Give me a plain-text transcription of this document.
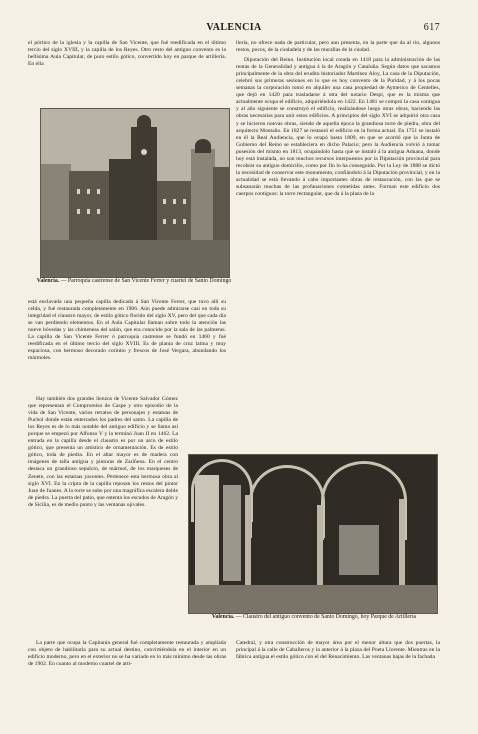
VALENCIA	617

el pórtico de la iglesia y la capilla de San Vicente, que fué reedificada en el último tercio del siglo XVIII, y la capilla de los Reyes. Otro resto del antiguo convento es la bellísima Aula Capitular, de puro estilo gótico, convertido hoy en parque de artillería. En ella

llería, no ofrece nada de particular, pero aun presenta, en la parte que da al río, algunos restos, pocos, de la ciudadela y de las murallas de la ciudad.

Diputación del Reino. Institución local creada en 1418 para la administración de las rentas de la Generalidad y antigua á la de Aragón y Cataluña. Según datos que sacamos principalmente de la obra del erudito historiador Martínez Aloy, La casa de la Diputación, celebró sus primeras sesiones en lo que es hoy convento de la Puridad, y á los pocas semanas la corporación tomó en alquiler una casa propiedad de Aymerico de Centelles, que dejó en 1420 para trasladarse á otra del notario Despí, que es la misma que actualmente ocupa el edificio, adquiriéndola en 1422. En 1481 se compró la casa contigua y al año siguiente se construyó el edificio, realizándose luego otras obras, haciendo las obras necesarias para unir estos edificios. A principios del siglo XVI se adquirió otra casa y se hicieron nuevas obras, siendo de aquella época la grandiosa torre de piedra, obra del arquitecto Montaño. En 1827 se restauró el edificio en la forma actual. En 1751 se instaló en él la Real Audiencia, que lo ocupó hasta 1809, en que se acordó que la Junta de Gobierno del Reino se estableciera en dicho Palacio; pero la Audiencia volvió á tomar posesión del mismo en 1813, ocupándolo hasta que se instaló á la antigua Aduana, donde hoy está instalada, no son muchos recursos interpuestos por la Diputación provincial para recobrar su antiguo domicilio, como por fin lo ha conseguido. Por la Ley de 1888 se dictó la necesidad de conservar este monumento, confiándolo á la Diputación provincial, y en la actualidad se está llevando á cabo importantes obras de restauración, con las que se subsanarán muchas de las profanaciones cometidas antes. Forman este edificio dos cuerpos contiguos: la torre rectangular, que da á la plaza de la

Valencia. — Parroquia castrense de San Vicente Ferrer y cuartel de Santo Domingo

está enclavada una pequeña capilla dedicada á San Vicente Ferrer, que tuvo allí su celda, y fué restaurada completamente en 1906. Aún puede admirarse casi en toda su integridad el claustro mayor, de estilo gótico florido del siglo XV, pero del que cada día se van perdiendo elementos. En el Aula Capitular llaman sobre todo la atención las nueve bóvedas y las chimeneas del salón, que era conocido por la sala de las palmeras. La capilla de San Vicente Ferrer ó parroquia castrense se fundó en 1460 y fué reedificada en el último tercio del siglo XVIII. Es de planta de cruz latina y muy espaciosa, con hermoso decorado corintio y frescos de José Vergara, abundando los mármoles.

Hay también dos grandes lienzos de Vicente Salvador Gómez que representan el Compromiso de Caspe y otro episodio de la vida de San Vicente, varios retratos de personajes y estatuas de Puchol donde están enterrados los padres del santo. La capilla de los Reyes es de lo más notable del antiguo edificio y se llama así porque se empezó por Alfonso V y la terminó Juan II en 1462. La entrada en la capilla desde el claustro es por un arco de estilo gótico, que presenta un artístico de ornamentación. Es de estilo gótico, toda de piedra. En el altar mayor es de madera con imágenes de talla antigua y pinturas de Zariñena. En el centro destaca un grandioso sepulcro, de mármol, de los marqueses de Zenete, con las estatuas yacentes. Pertenece esta hermosa obra al siglo XVI. En la cripta de la capilla reposan los restos del pintor Juan de Juanes. A la torre se sube por una magnífica escalera doble de piedra. La puerta del patio, que ostenta los escudos de Aragón y de Sicilia, es de medio punto y las ventanas ojivales.

Valencia. — Claustro del antiguo convento de Santo Domingo, hoy Parque de Artillería

La parte que ocupa la Capitanía general fué completamente restaurada y ampliada con objeto de habilitarla para su actual destino, convirtiéndola en el interior en un edificio moderno, pero en el exterior no se ha variado en lo más mínimo desde las obras de 1902. En cuanto al moderno cuartel de arti-

Catedral, y otra construcción de mayor área por el menor altura que dos puertas, la principal á la calle de Caballeros y la anterior á la plaza del Poeta Llorente. Mientras en la fábrica antigua el estilo gótico con el del Renacimiento. Las ventanas bajas de la fachada
